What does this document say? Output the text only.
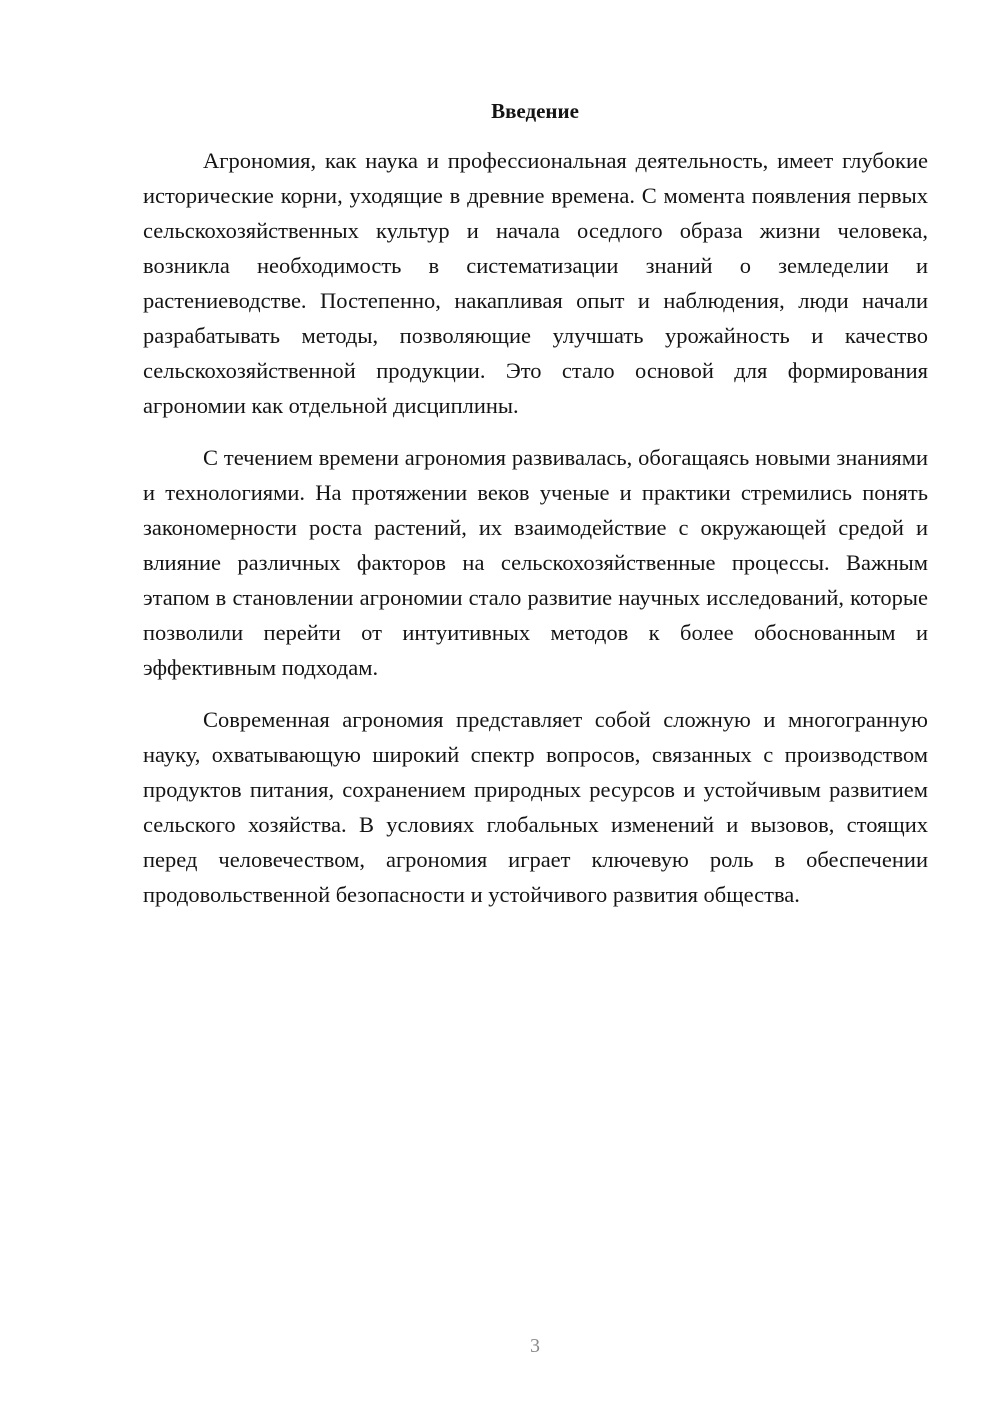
Введение

Агрономия, как наука и профессиональная деятельность, имеет глубокие исторические корни, уходящие в древние времена. С момента появления первых сельскохозяйственных культур и начала оседлого образа жизни человека, возникла необходимость в систематизации знаний о земледелии и растениеводстве. Постепенно, накапливая опыт и наблюдения, люди начали разрабатывать методы, позволяющие улучшать урожайность и качество сельскохозяйственной продукции. Это стало основой для формирования агрономии как отдельной дисциплины.

С течением времени агрономия развивалась, обогащаясь новыми знаниями и технологиями. На протяжении веков ученые и практики стремились понять закономерности роста растений, их взаимодействие с окружающей средой и влияние различных факторов на сельскохозяйственные процессы. Важным этапом в становлении агрономии стало развитие научных исследований, которые позволили перейти от интуитивных методов к более обоснованным и эффективным подходам.

Современная агрономия представляет собой сложную и многогранную науку, охватывающую широкий спектр вопросов, связанных с производством продуктов питания, сохранением природных ресурсов и устойчивым развитием сельского хозяйства. В условиях глобальных изменений и вызовов, стоящих перед человечеством, агрономия играет ключевую роль в обеспечении продовольственной безопасности и устойчивого развития общества.

3
